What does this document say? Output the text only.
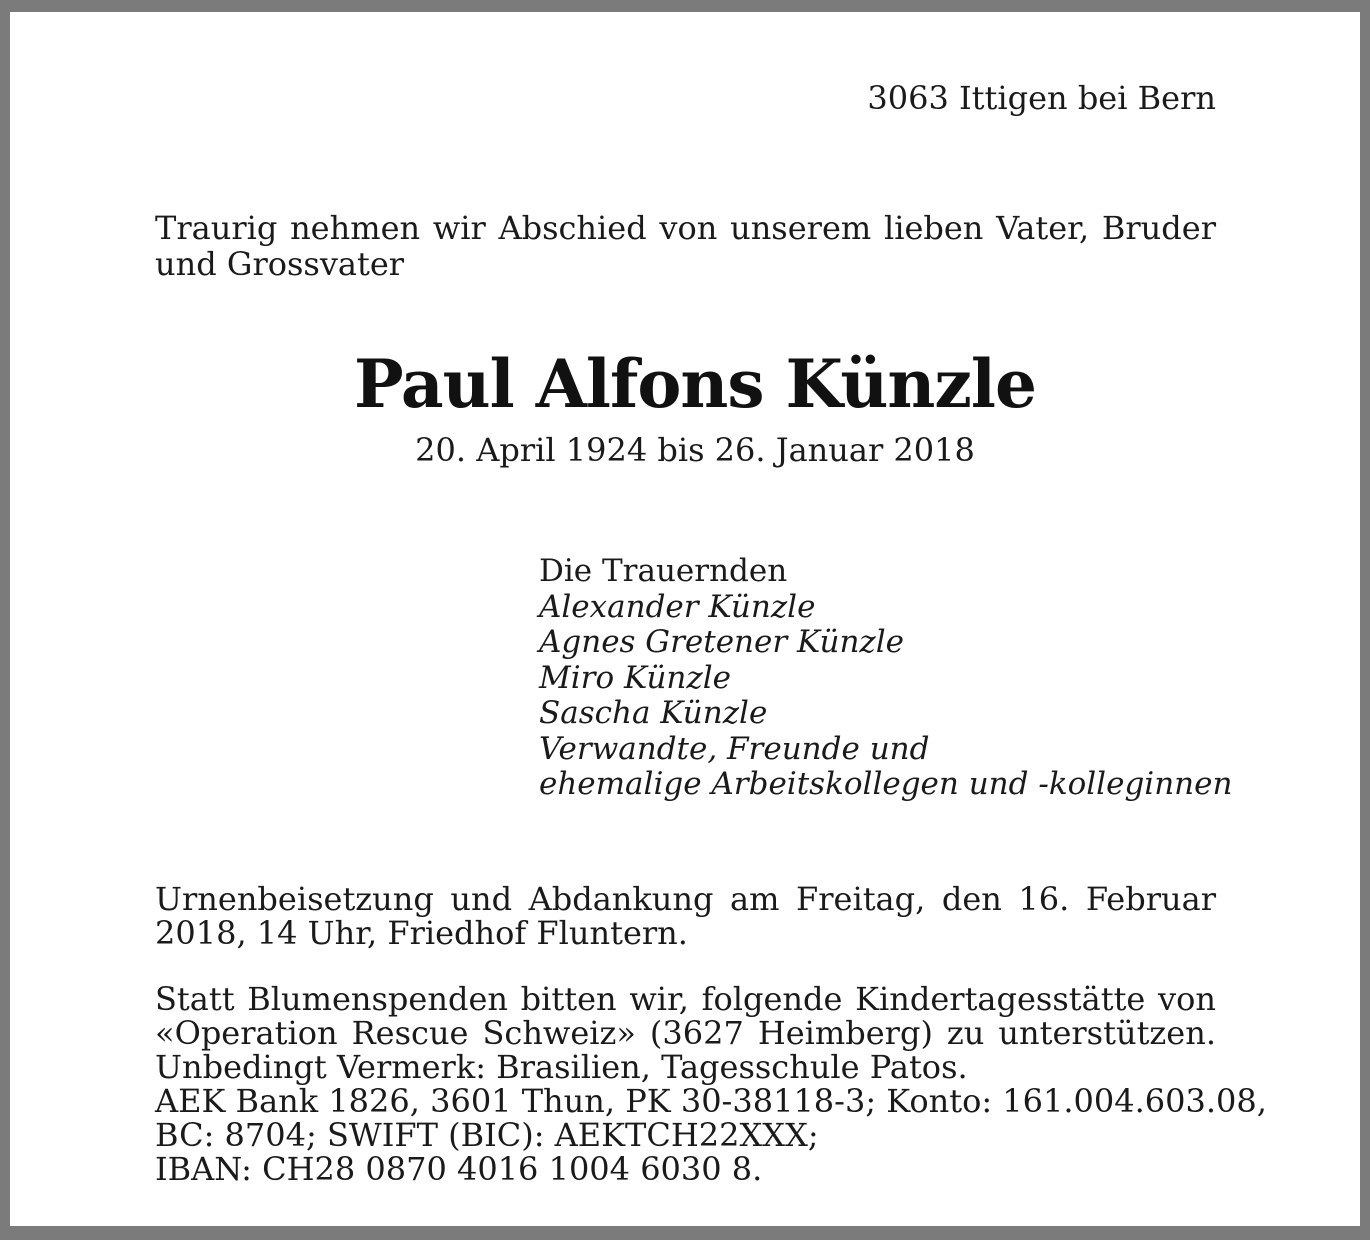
3063 Ittigen bei Bern
Traurig nehmen wir Abschied von unserem lieben Vater, Bruder und Grossvater
Paul Alfons Künzle
20. April 1924 bis 26. Januar 2018
Die Trauernden
Alexander Künzle
Agnes Gretener Künzle
Miro Künzle
Sascha Künzle
Verwandte, Freunde und
ehemalige Arbeitskollegen und -kolleginnen
Urnenbeisetzung und Abdankung am Freitag, den 16. Februar 2018, 14 Uhr, Friedhof Fluntern.
Statt Blumenspenden bitten wir, folgende Kindertagesstätte von
«Operation Rescue Schweiz» (3627 Heimberg) zu unterstützen.
Unbedingt Vermerk: Brasilien, Tagesschule Patos.
AEK Bank 1826, 3601 Thun, PK 30-38118-3; Konto: 161.004.603.08,
BC: 8704; SWIFT (BIC): AEKTCH22XXX;
IBAN: CH28 0870 4016 1004 6030 8.
